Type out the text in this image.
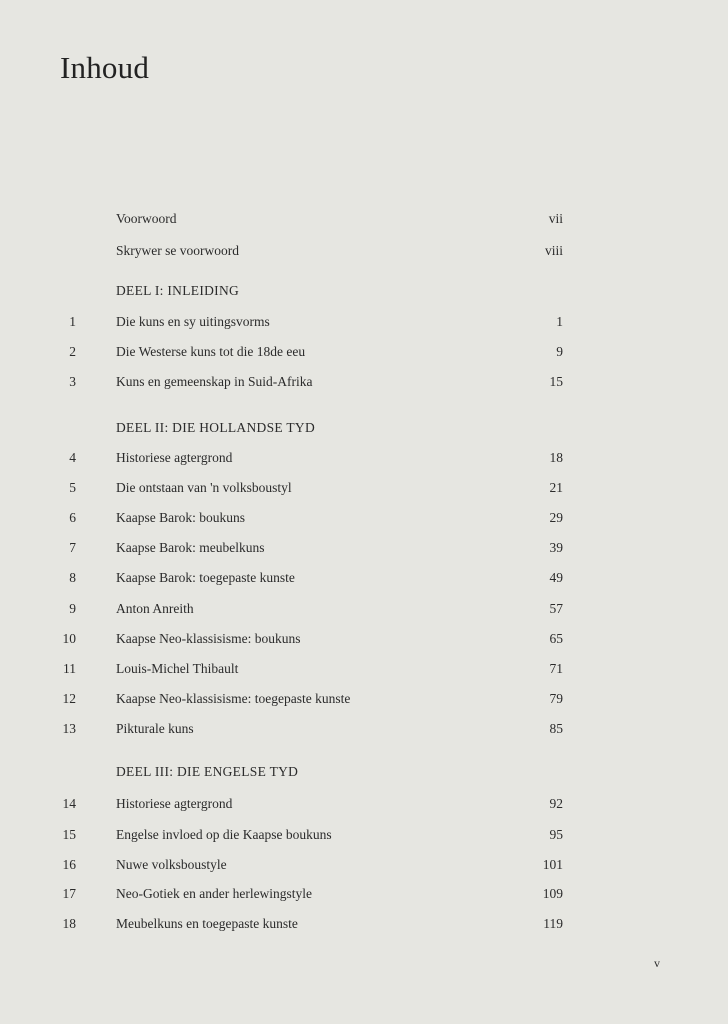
Inhoud
Voorwoord	vii
Skrywer se voorwoord	viii
DEEL I: INLEIDING
1	Die kuns en sy uitingsvorms	1
2	Die Westerse kuns tot die 18de eeu	9
3	Kuns en gemeenskap in Suid-Afrika	15
DEEL II: DIE HOLLANDSE TYD
4	Historiese agtergrond	18
5	Die ontstaan van 'n volksboustyl	21
6	Kaapse Barok: boukuns	29
7	Kaapse Barok: meubelkuns	39
8	Kaapse Barok: toegepaste kunste	49
9	Anton Anreith	57
10	Kaapse Neo-klassisisme: boukuns	65
11	Louis-Michel Thibault	71
12	Kaapse Neo-klassisisme: toegepaste kunste	79
13	Pikturale kuns	85
DEEL III: DIE ENGELSE TYD
14	Historiese agtergrond	92
15	Engelse invloed op die Kaapse boukuns	95
16	Nuwe volksboustyle	101
17	Neo-Gotiek en ander herlewingstyle	109
18	Meubelkuns en toegepaste kunste	119
v
